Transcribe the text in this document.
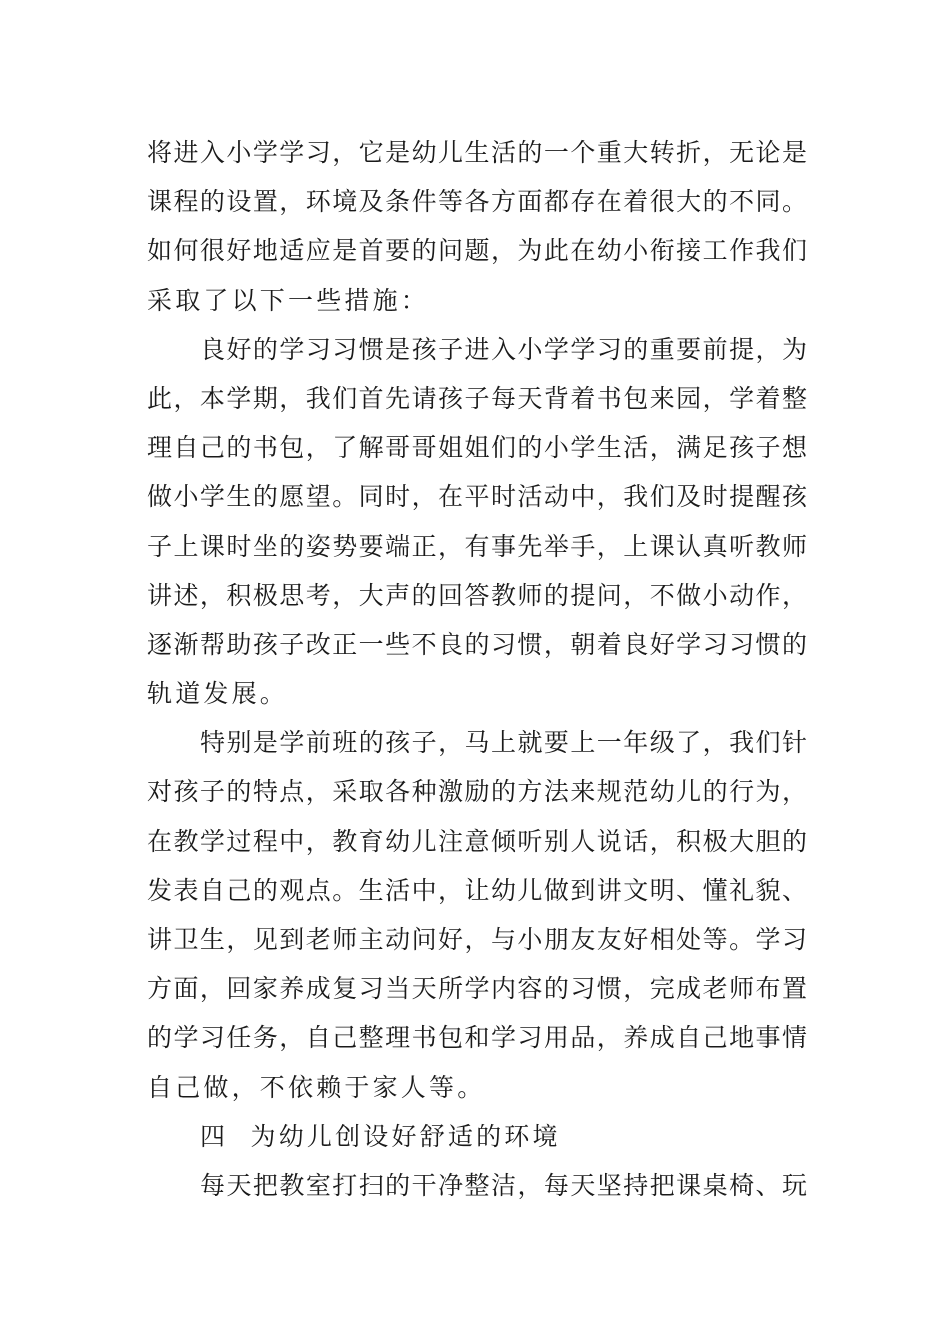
将进入小学学习，它是幼儿生活的一个重大转折，无论是
课程的设置，环境及条件等各方面都存在着很大的不同。
如何很好地适应是首要的问题，为此在幼小衔接工作我们
采取了以下一些措施：
良好的学习习惯是孩子进入小学学习的重要前提，为
此，本学期，我们首先请孩子每天背着书包来园，学着整
理自己的书包，了解哥哥姐姐们的小学生活，满足孩子想
做小学生的愿望。同时，在平时活动中，我们及时提醒孩
子上课时坐的姿势要端正，有事先举手，上课认真听教师
讲述，积极思考，大声的回答教师的提问，不做小动作，
逐渐帮助孩子改正一些不良的习惯，朝着良好学习习惯的
轨道发展。
特别是学前班的孩子，马上就要上一年级了，我们针
对孩子的特点，采取各种激励的方法来规范幼儿的行为，
在教学过程中，教育幼儿注意倾听别人说话，积极大胆的
发表自己的观点。生活中，让幼儿做到讲文明、懂礼貌、
讲卫生，见到老师主动问好，与小朋友友好相处等。学习
方面，回家养成复习当天所学内容的习惯，完成老师布置
的学习任务，自己整理书包和学习用品，养成自己地事情
自己做，不依赖于家人等。
四  为幼儿创设好舒适的环境
每天把教室打扫的干净整洁，每天坚持把课桌椅、玩
